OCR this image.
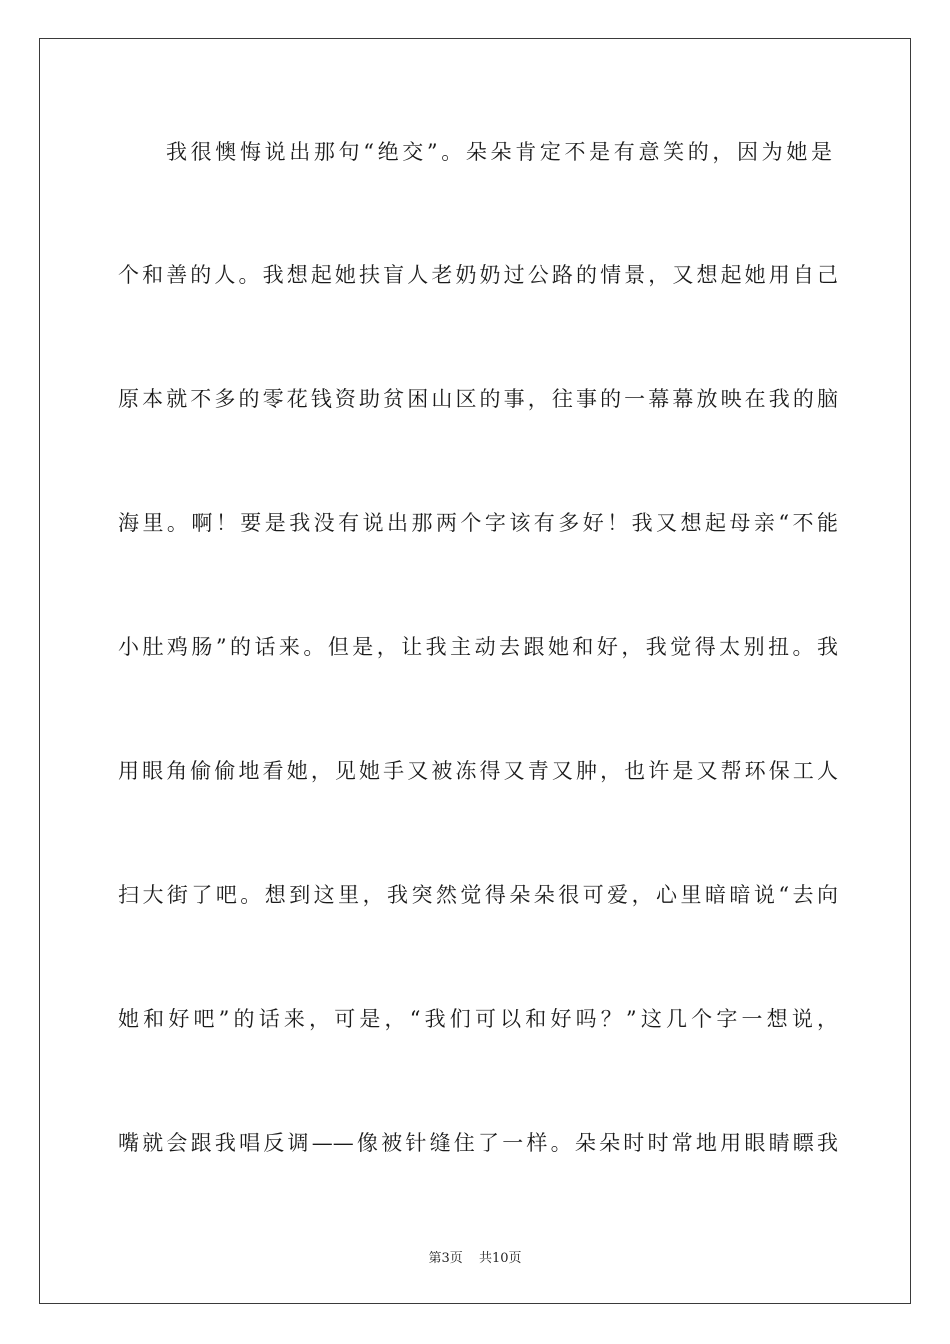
我很懊悔说出那句“绝交”。朵朵肯定不是有意笑的，因为她是
个和善的人。我想起她扶盲人老奶奶过公路的情景，又想起她用自己
原本就不多的零花钱资助贫困山区的事，往事的一幕幕放映在我的脑
海里。啊！要是我没有说出那两个字该有多好！我又想起母亲“不能
小肚鸡肠”的话来。但是，让我主动去跟她和好，我觉得太别扭。我
用眼角偷偷地看她，见她手又被冻得又青又肿，也许是又帮环保工人
扫大街了吧。想到这里，我突然觉得朵朵很可爱，心里暗暗说“去向
她和好吧”的话来，可是，“我们可以和好吗？”这几个字一想说，
嘴就会跟我唱反调——像被针缝住了一样。朵朵时时常地用眼睛瞟我
第3页 共10页
